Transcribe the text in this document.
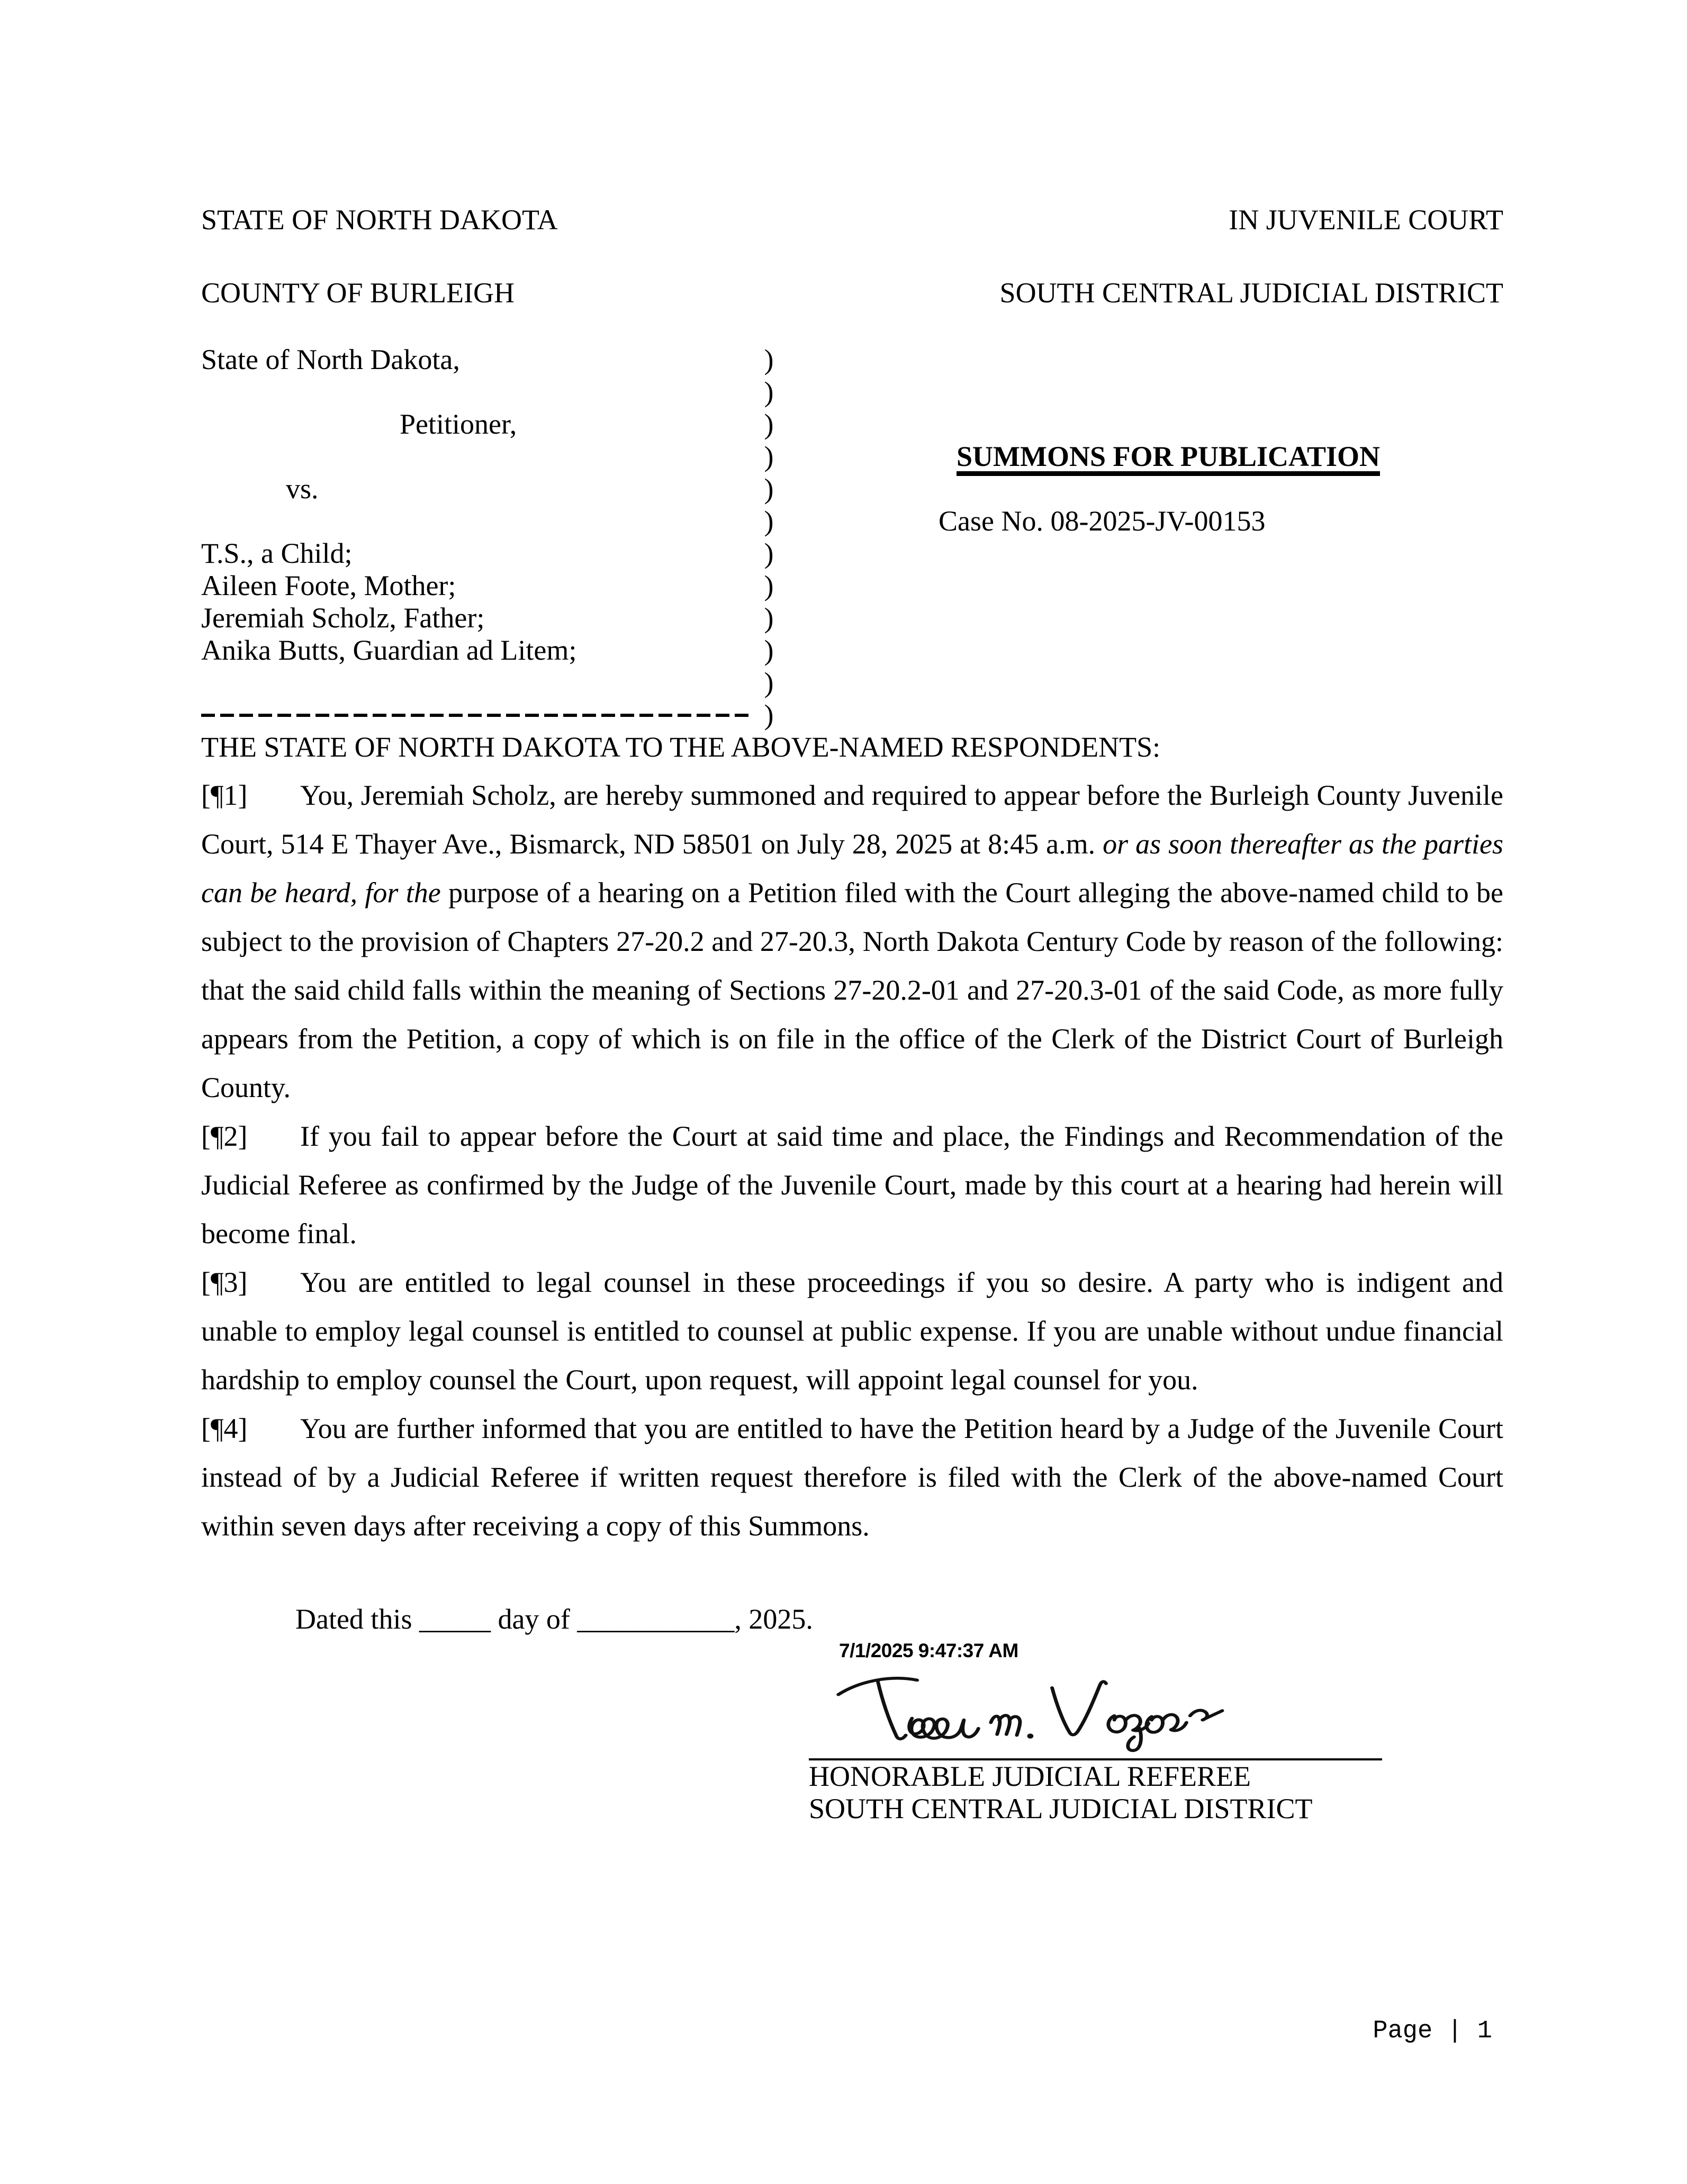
STATE OF NORTH DAKOTA	IN JUVENILE COURT
COUNTY OF BURLEIGH	SOUTH CENTRAL JUDICIAL DISTRICT
State of North Dakota,	)
)
Petitioner,	)
)	SUMMONS FOR PUBLICATION
vs.	)
)	Case No. 08-2025-JV-00153
T.S., a Child;	)
Aileen Foote, Mother;	)
Jeremiah Scholz, Father;	)
Anika Butts, Guardian ad Litem;	)
)
)

THE STATE OF NORTH DAKOTA TO THE ABOVE-NAMED RESPONDENTS:

[¶1] You, Jeremiah Scholz, are hereby summoned and required to appear before the Burleigh County Juvenile Court, 514 E Thayer Ave., Bismarck, ND 58501 on July 28, 2025 at 8:45 a.m. or as soon thereafter as the parties can be heard, for the purpose of a hearing on a Petition filed with the Court alleging the above-named child to be subject to the provision of Chapters 27-20.2 and 27-20.3, North Dakota Century Code by reason of the following: that the said child falls within the meaning of Sections 27-20.2-01 and 27-20.3-01 of the said Code, as more fully appears from the Petition, a copy of which is on file in the office of the Clerk of the District Court of Burleigh County.

[¶2] If you fail to appear before the Court at said time and place, the Findings and Recommendation of the Judicial Referee as confirmed by the Judge of the Juvenile Court, made by this court at a hearing had herein will become final.

[¶3] You are entitled to legal counsel in these proceedings if you so desire. A party who is indigent and unable to employ legal counsel is entitled to counsel at public expense. If you are unable without undue financial hardship to employ counsel the Court, upon request, will appoint legal counsel for you.

[¶4] You are further informed that you are entitled to have the Petition heard by a Judge of the Juvenile Court instead of by a Judicial Referee if written request therefore is filed with the Clerk of the above-named Court within seven days after receiving a copy of this Summons.

Dated this _____ day of ___________, 2025.
7/1/2025 9:47:37 AM
HONORABLE JUDICIAL REFEREE
SOUTH CENTRAL JUDICIAL DISTRICT
Page | 1
